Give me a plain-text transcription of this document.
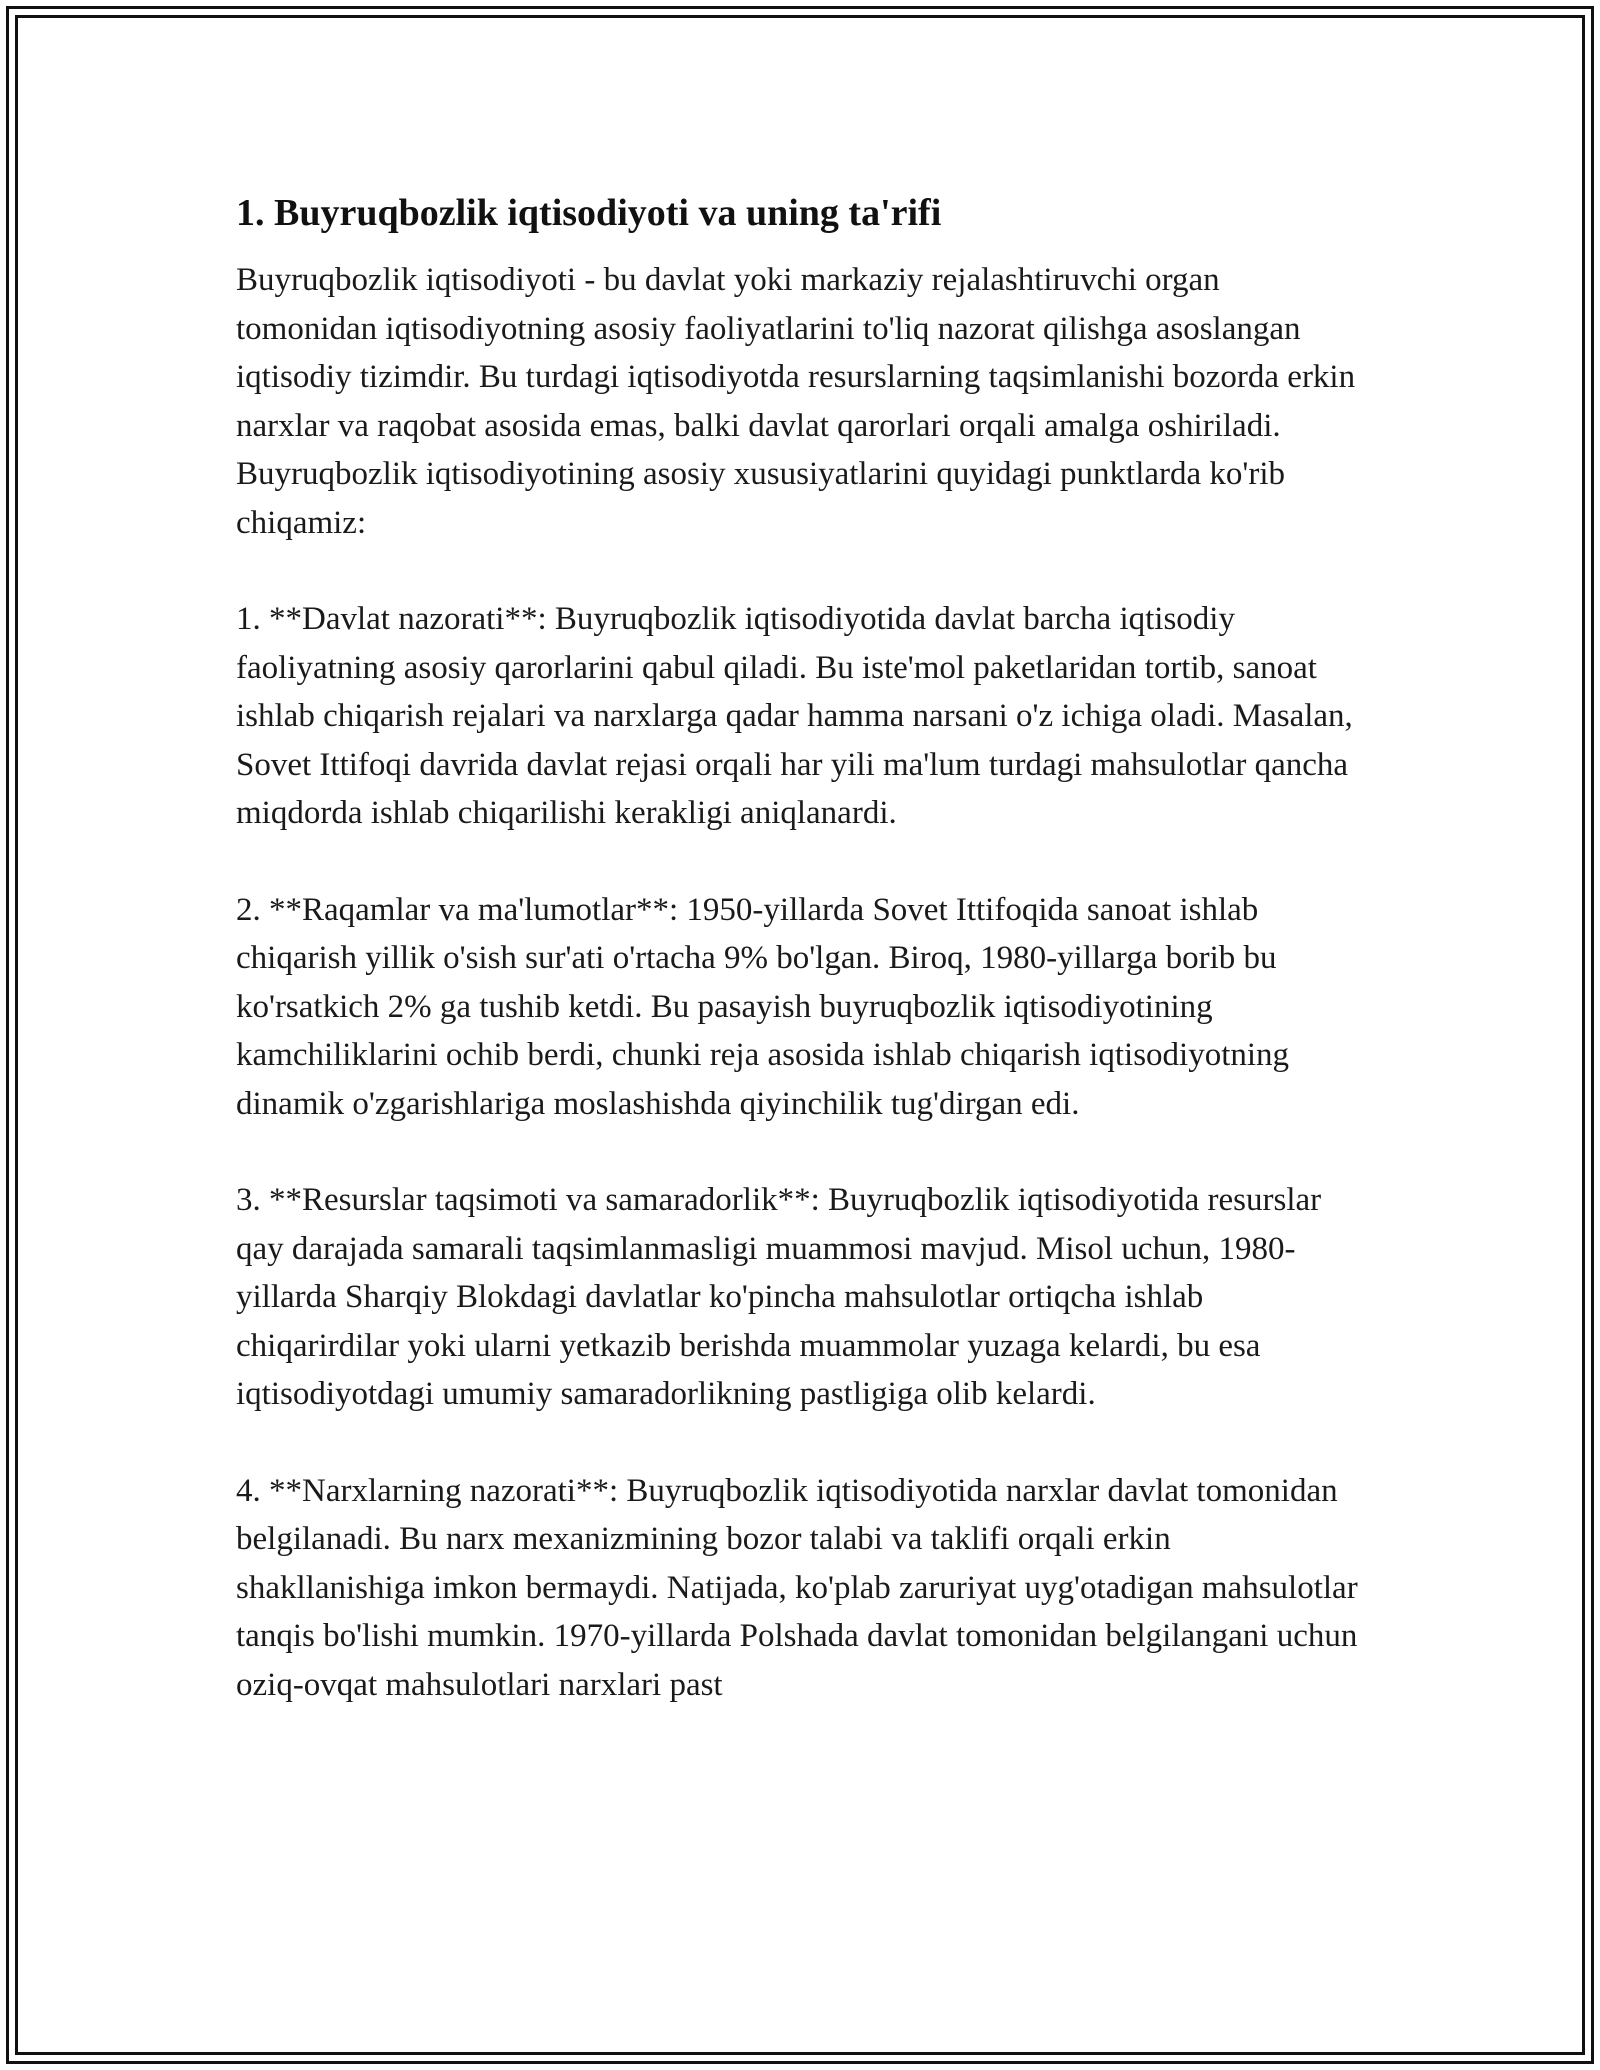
1. Buyruqbozlik iqtisodiyoti va uning ta'rifi

Buyruqbozlik iqtisodiyoti - bu davlat yoki markaziy rejalashtiruvchi organ tomonidan iqtisodiyotning asosiy faoliyatlarini to'liq nazorat qilishga asoslangan iqtisodiy tizimdir. Bu turdagi iqtisodiyotda resurslarning taqsimlanishi bozorda erkin narxlar va raqobat asosida emas, balki davlat qarorlari orqali amalga oshiriladi. Buyruqbozlik iqtisodiyotining asosiy xususiyatlarini quyidagi punktlarda ko'rib chiqamiz:

1. **Davlat nazorati**: Buyruqbozlik iqtisodiyotida davlat barcha iqtisodiy faoliyatning asosiy qarorlarini qabul qiladi. Bu iste'mol paketlaridan tortib, sanoat ishlab chiqarish rejalari va narxlarga qadar hamma narsani o'z ichiga oladi. Masalan, Sovet Ittifoqi davrida davlat rejasi orqali har yili ma'lum turdagi mahsulotlar qancha miqdorda ishlab chiqarilishi kerakligi aniqlanardi.

2. **Raqamlar va ma'lumotlar**: 1950-yillarda Sovet Ittifoqida sanoat ishlab chiqarish yillik o'sish sur'ati o'rtacha 9% bo'lgan. Biroq, 1980-yillarga borib bu ko'rsatkich 2% ga tushib ketdi. Bu pasayish buyruqbozlik iqtisodiyotining kamchiliklarini ochib berdi, chunki reja asosida ishlab chiqarish iqtisodiyotning dinamik o'zgarishlariga moslashishda qiyinchilik tug'dirgan edi.

3. **Resurslar taqsimoti va samaradorlik**: Buyruqbozlik iqtisodiyotida resurslar qay darajada samarali taqsimlanmasligi muammosi mavjud. Misol uchun, 1980-yillarda Sharqiy Blokdagi davlatlar ko'pincha mahsulotlar ortiqcha ishlab chiqarirdilar yoki ularni yetkazib berishda muammolar yuzaga kelardi, bu esa iqtisodiyotdagi umumiy samaradorlikning pastligiga olib kelardi.

4. **Narxlarning nazorati**: Buyruqbozlik iqtisodiyotida narxlar davlat tomonidan belgilanadi. Bu narx mexanizmining bozor talabi va taklifi orqali erkin shakllanishiga imkon bermaydi. Natijada, ko'plab zaruriyat uyg'otadigan mahsulotlar tanqis bo'lishi mumkin. 1970-yillarda Polshada davlat tomonidan belgilangani uchun oziq-ovqat mahsulotlari narxlari past
